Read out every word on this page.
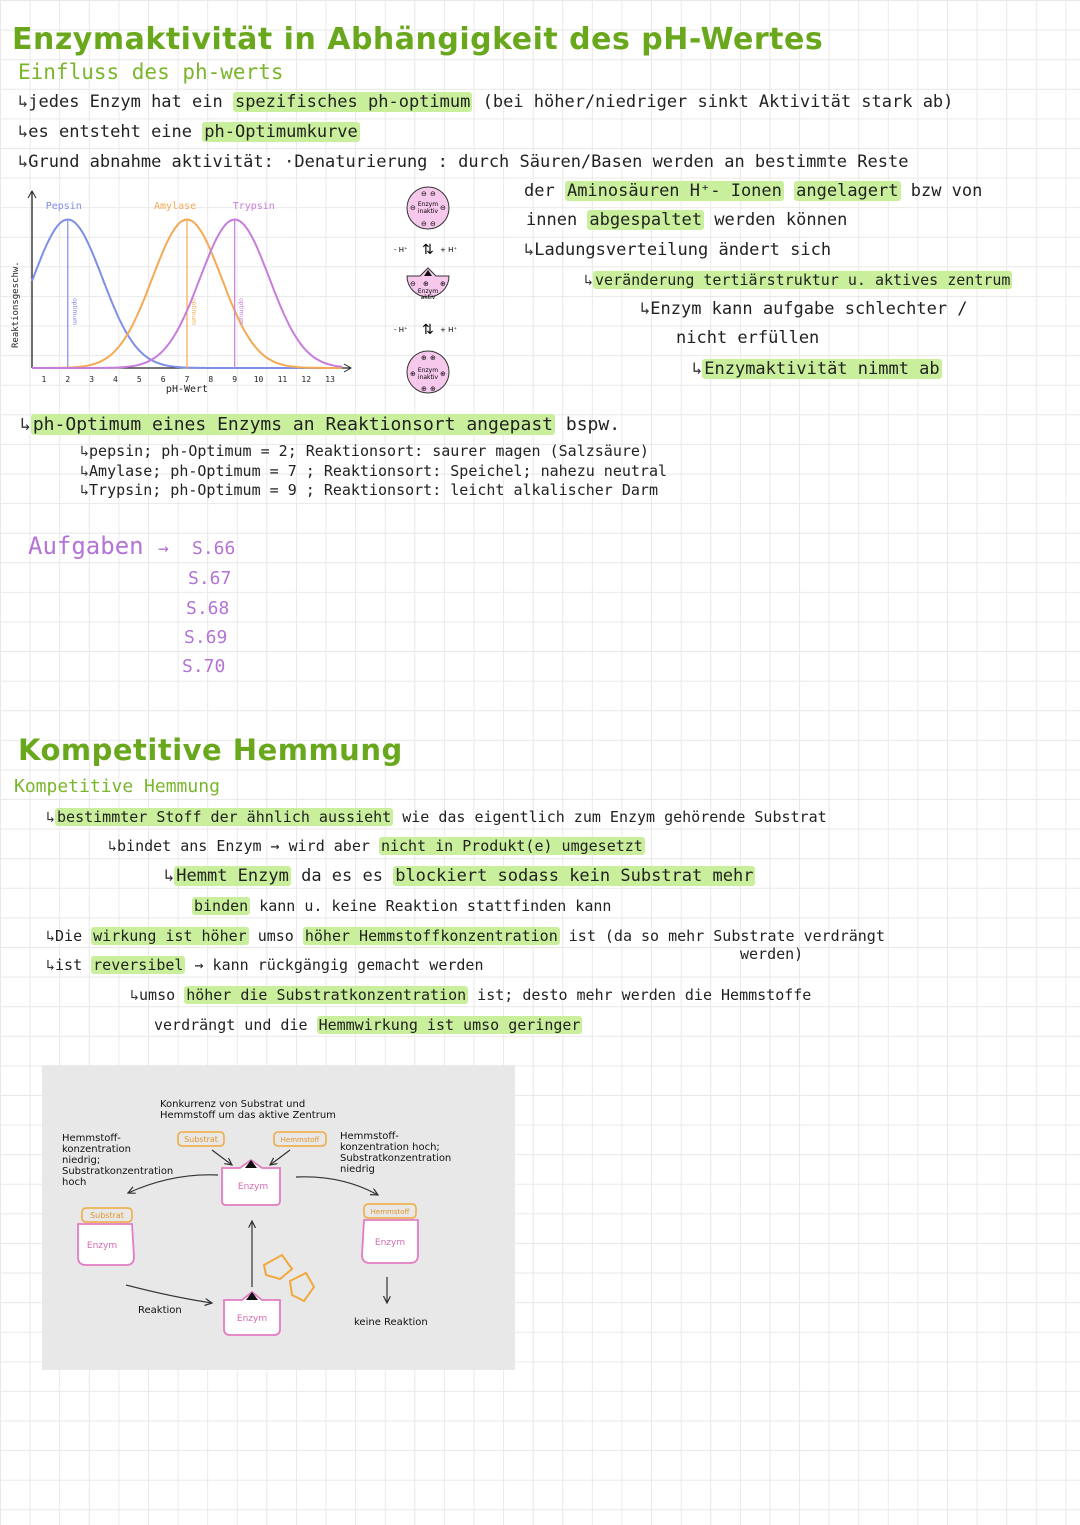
Enzymaktivität in Abhängigkeit des pH-Wertes
Einfluss des ph-werts
↳jedes Enzym hat ein spezifisches ph-optimum (bei höher/niedriger sinkt Aktivität stark ab)
↳es entsteht eine ph-Optimumkurve
↳Grund abnahme aktivität: ·Denaturierung : durch Säuren/Basen werden an bestimmte Reste
der Aminosäuren H⁺- Ionen angelagert bzw von
innen abgespaltet werden können
↳Ladungsverteilung ändert sich
↳ veränderung tertiärstruktur u. aktives zentrum
↳Enzym kann aufgabe schlechter /
nicht erfüllen
↳ Enzymaktivität nimmt ab
1 2 3 4 5 6 7 8 9 10 11 12 13
pH-Wert
Reaktionsgeschw.	optimum
Pepsin
optimum
Amylase
optimum
Trypsin	Enzym
inaktiv
⊖ ⊖
⊖	⊖
⊖ ⊖
- H⁺	+ H⁺
⇅
Enzym
aktiv
⊖	⊕
⊕
- H⁺	+ H⁺
⇅
Enzym
inaktiv
⊕ ⊕
⊕	⊕
⊕ ⊕
↳ ph-Optimum eines Enzyms an Reaktionsort angepast bspw.
↳pepsin; ph-Optimum = 2; Reaktionsort: saurer magen (Salzsäure)
↳Amylase; ph-Optimum = 7 ; Reaktionsort: Speichel; nahezu neutral
↳Trypsin; ph-Optimum = 9 ; Reaktionsort: leicht alkalischer Darm
Aufgaben → S.66
S.67
S.68
S.69
S.70
Kompetitive Hemmung
Kompetitive Hemmung
↳ bestimmter Stoff der ähnlich aussieht wie das eigentlich zum Enzym gehörende Substrat
↳bindet ans Enzym → wird aber nicht in Produkt(e) umgesetzt
↳ Hemmt Enzym da es es blockiert sodass kein Substrat mehr
binden kann u. keine Reaktion stattfinden kann
↳Die wirkung ist höher umso höher Hemmstoffkonzentration ist (da so mehr Substrate verdrängt
werden)
↳ist reversibel → kann rückgängig gemacht werden
↳umso höher die Substratkonzentration ist; desto mehr werden die Hemmstoffe
verdrängt und die Hemmwirkung ist umso geringer
Konkurrenz von Substrat und Hemmstoff um das aktive Zentrum
Hemmstoff-konzentration niedrig; Substratkonzentration hoch
Hemmstoff-konzentration hoch; Substratkonzentration niedrig
Substrat	Hemmstoff
Enzym
Substrat
Enzym
Reaktion
Enzym
Hemmstoff
Enzym
keine Reaktion
